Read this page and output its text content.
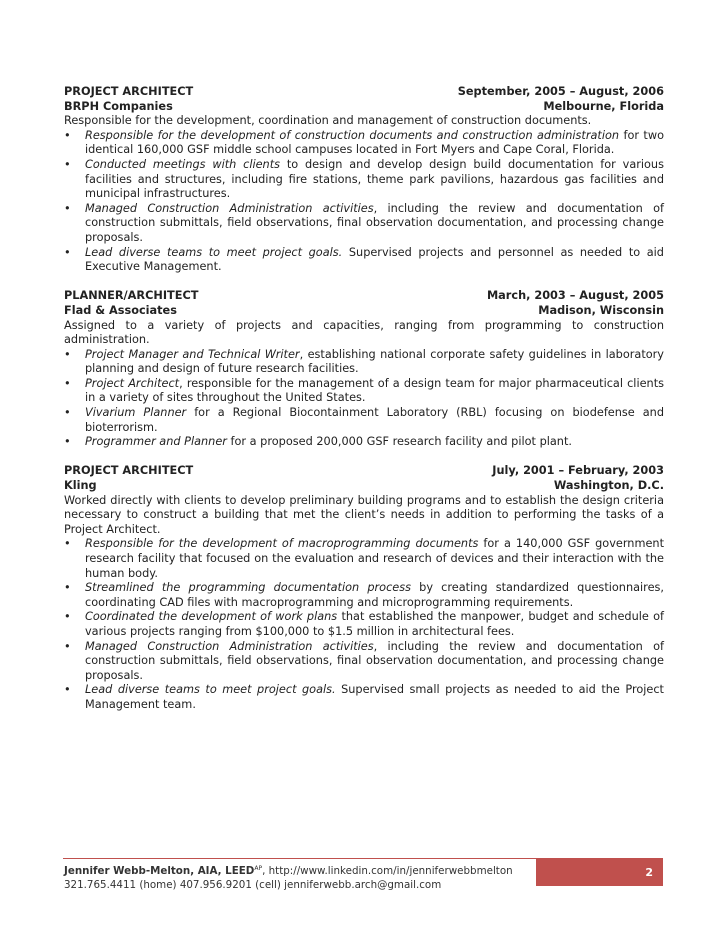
PROJECT ARCHITECT	September, 2005 – August, 2006
BRPH Companies	Melbourne, Florida
Responsible for the development, coordination and management of construction documents.
• Responsible for the development of construction documents and construction administration for two identical 160,000 GSF middle school campuses located in Fort Myers and Cape Coral, Florida.
• Conducted meetings with clients to design and develop design build documentation for various facilities and structures, including fire stations, theme park pavilions, hazardous gas facilities and municipal infrastructures.
• Managed Construction Administration activities, including the review and documentation of construction submittals, field observations, final observation documentation, and processing change proposals.
• Lead diverse teams to meet project goals. Supervised projects and personnel as needed to aid Executive Management.
PLANNER/ARCHITECT	March, 2003 – August, 2005
Flad & Associates	Madison, Wisconsin
Assigned to a variety of projects and capacities, ranging from programming to construction administration.
• Project Manager and Technical Writer, establishing national corporate safety guidelines in laboratory planning and design of future research facilities.
• Project Architect, responsible for the management of a design team for major pharmaceutical clients in a variety of sites throughout the United States.
• Vivarium Planner for a Regional Biocontainment Laboratory (RBL) focusing on biodefense and bioterrorism.
• Programmer and Planner for a proposed 200,000 GSF research facility and pilot plant.
PROJECT ARCHITECT	July, 2001 – February, 2003
Kling	Washington, D.C.
Worked directly with clients to develop preliminary building programs and to establish the design criteria necessary to construct a building that met the client’s needs in addition to performing the tasks of a Project Architect.
• Responsible for the development of macroprogramming documents for a 140,000 GSF government research facility that focused on the evaluation and research of devices and their interaction with the human body.
• Streamlined the programming documentation process by creating standardized questionnaires, coordinating CAD files with macroprogramming and microprogramming requirements.
• Coordinated the development of work plans that established the manpower, budget and schedule of various projects ranging from $100,000 to $1.5 million in architectural fees.
• Managed Construction Administration activities, including the review and documentation of construction submittals, field observations, final observation documentation, and processing change proposals.
• Lead diverse teams to meet project goals. Supervised small projects as needed to aid the Project Management team.
Jennifer Webb-Melton, AIA, $LEED^{AP}$, http://www.linkedin.com/in/jenniferwebbmelton
321.765.4411 (home) 407.956.9201 (cell) jenniferwebb.arch@gmail.com
2
